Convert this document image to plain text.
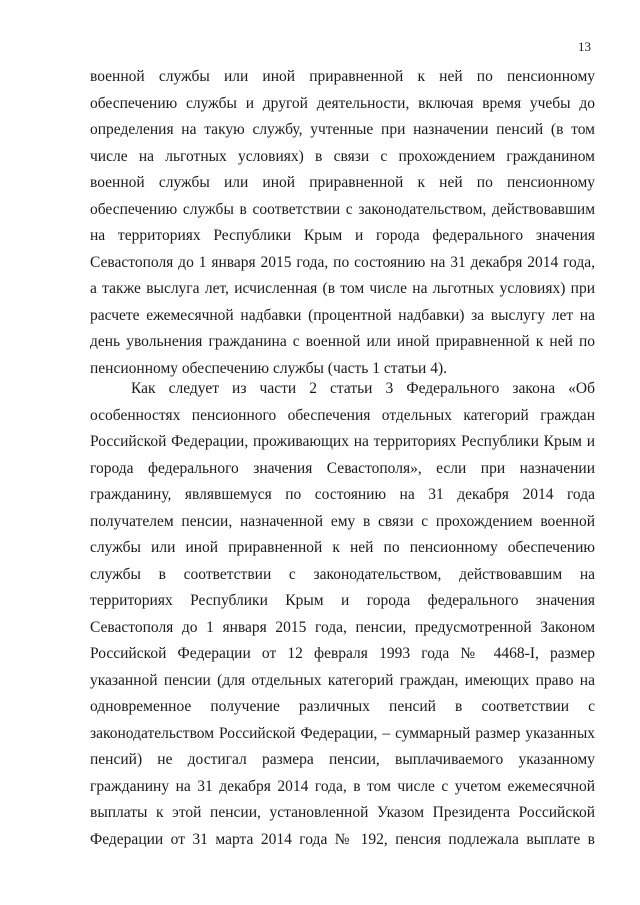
13
военной службы или иной приравненной к ней по пенсионному
обеспечению службы и другой деятельности, включая время учебы до
определения на такую службу, учтенные при назначении пенсий (в том
числе на льготных условиях) в связи с прохождением гражданином
военной службы или иной приравненной к ней по пенсионному
обеспечению службы в соответствии с законодательством, действовавшим
на территориях Республики Крым и города федерального значения
Севастополя до 1 января 2015 года, по состоянию на 31 декабря 2014 года,
а также выслуга лет, исчисленная (в том числе на льготных условиях) при
расчете ежемесячной надбавки (процентной надбавки) за выслугу лет на
день увольнения гражданина с военной или иной приравненной к ней по
пенсионному обеспечению службы (часть 1 статьи 4).
Как следует из части 2 статьи 3 Федерального закона «Об
особенностях пенсионного обеспечения отдельных категорий граждан
Российской Федерации, проживающих на территориях Республики Крым и
города федерального значения Севастополя», если при назначении
гражданину, являвшемуся по состоянию на 31 декабря 2014 года
получателем пенсии, назначенной ему в связи с прохождением военной
службы или иной приравненной к ней по пенсионному обеспечению
службы в соответствии с законодательством, действовавшим на
территориях Республики Крым и города федерального значения
Севастополя до 1 января 2015 года, пенсии, предусмотренной Законом
Российской Федерации от 12 февраля 1993 года № 4468-I, размер
указанной пенсии (для отдельных категорий граждан, имеющих право на
одновременное получение различных пенсий в соответствии с
законодательством Российской Федерации, – суммарный размер указанных
пенсий) не достигал размера пенсии, выплачиваемого указанному
гражданину на 31 декабря 2014 года, в том числе с учетом ежемесячной
выплаты к этой пенсии, установленной Указом Президента Российской
Федерации от 31 марта 2014 года № 192, пенсия подлежала выплате в
